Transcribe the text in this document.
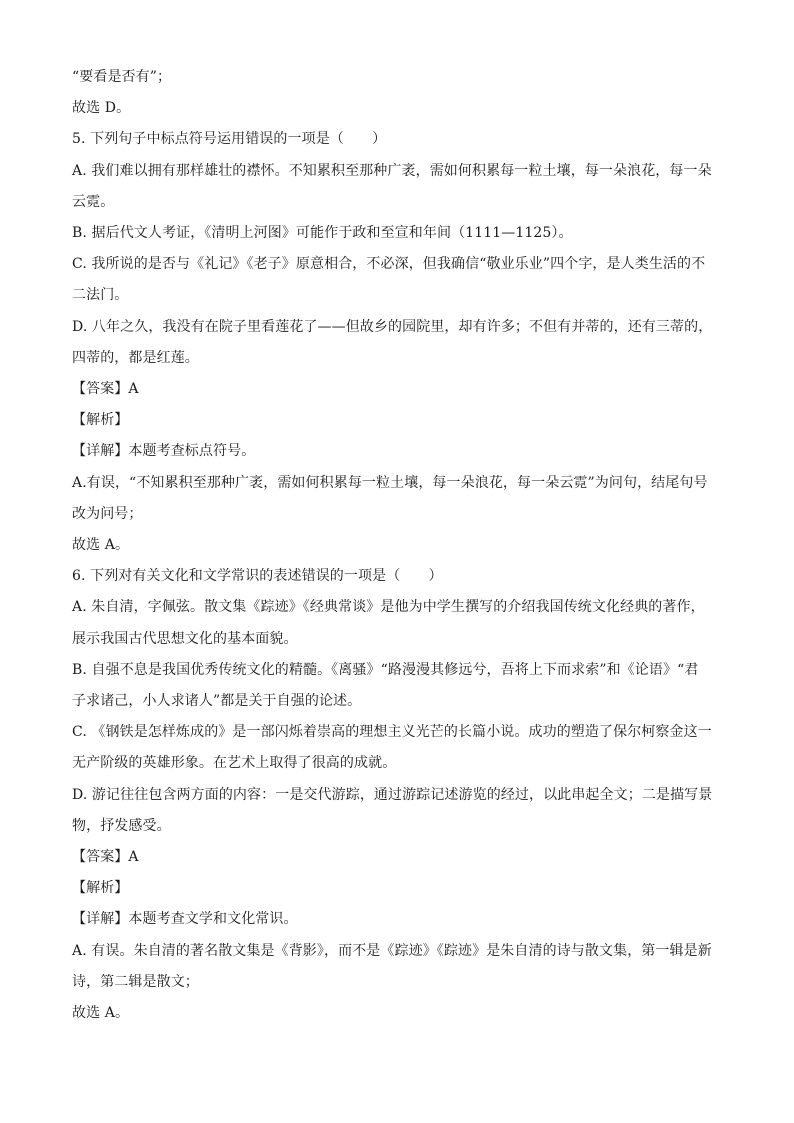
“要看是否有”；
故选 D。
5. 下列句子中标点符号运用错误的一项是（　　）
A. 我们难以拥有那样雄壮的襟怀。不知累积至那种广袤，需如何积累每一粒土壤，每一朵浪花，每一朵
云霓。
B. 据后代文人考证，《清明上河图》可能作于政和至宣和年间（1111—1125）。
C. 我所说的是否与《礼记》《老子》原意相合，不必深，但我确信“敬业乐业”四个字，是人类生活的不
二法门。
D. 八年之久，我没有在院子里看莲花了——但故乡的园院里，却有许多；不但有并蒂的，还有三蒂的，
四蒂的，都是红莲。
【答案】A
【解析】
【详解】本题考查标点符号。
A.有误，“不知累积至那种广袤，需如何积累每一粒土壤，每一朵浪花，每一朵云霓”为问句，结尾句号
改为问号；
故选 A。
6. 下列对有关文化和文学常识的表述错误的一项是（　　）
A. 朱自清，字佩弦。散文集《踪迹》《经典常谈》是他为中学生撰写的介绍我国传统文化经典的著作，
展示我国古代思想文化的基本面貌。
B. 自强不息是我国优秀传统文化的精髓。《离骚》“路漫漫其修远兮，吾将上下而求索”和《论语》“君
子求诸己，小人求诸人”都是关于自强的论述。
C. 《钢铁是怎样炼成的》是一部闪烁着崇高的理想主义光芒的长篇小说。成功的塑造了保尔柯察金这一
无产阶级的英雄形象。在艺术上取得了很高的成就。
D. 游记往往包含两方面的内容：一是交代游踪，通过游踪记述游览的经过，以此串起全文；二是描写景
物，抒发感受。
【答案】A
【解析】
【详解】本题考查文学和文化常识。
A. 有误。朱自清的著名散文集是《背影》，而不是《踪迹》《踪迹》是朱自清的诗与散文集，第一辑是新
诗，第二辑是散文；
故选 A。
